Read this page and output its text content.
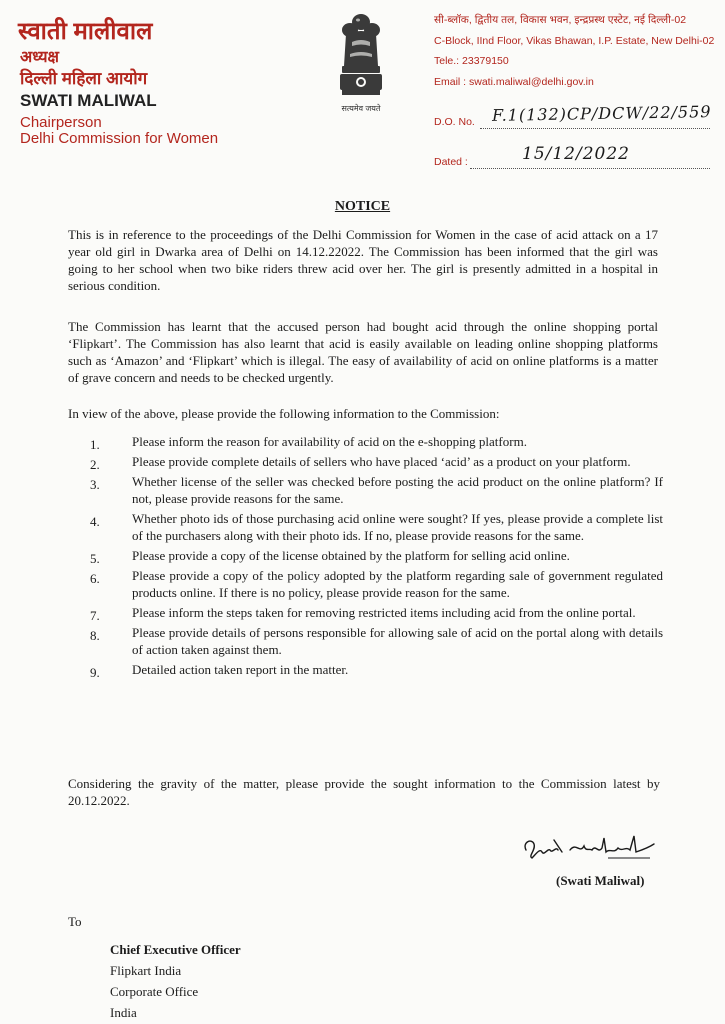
स्वाती मालीवाल
अध्यक्ष
दिल्ली महिला आयोग
SWATI MALIWAL
Chairperson
Delhi Commission for Women
सत्यमेव जयते
सी-ब्लॉक, द्वितीय तल, विकास भवन, इन्द्रप्रस्थ एस्टेट, नई दिल्ली-02
C-Block, IInd Floor, Vikas Bhawan, I.P. Estate, New Delhi-02
Tele.: 23379150
Email : swati.maliwal@delhi.gov.in
D.O. No. F.1(132)CP/DCW/22/559
Dated :	15/12/2022
NOTICE
This is in reference to the proceedings of the Delhi Commission for Women in the case of acid attack on a 17 year old girl in Dwarka area of Delhi on 14.12.22022. The Commission has been informed that the girl was going to her school when two bike riders threw acid over her. The girl is presently admitted in a hospital in serious condition.
The Commission has learnt that the accused person had bought acid through the online shopping portal ‘Flipkart’. The Commission has also learnt that acid is easily available on leading online shopping platforms such as ‘Amazon’ and ‘Flipkart’ which is illegal. The easy of availability of acid on online platforms is a matter of grave concern and needs to be checked urgently.
In view of the above, please provide the following information to the Commission:
1. Please inform the reason for availability of acid on the e-shopping platform.
2. Please provide complete details of sellers who have placed ‘acid’ as a product on your platform.
3. Whether license of the seller was checked before posting the acid product on the online platform? If not, please provide reasons for the same.
4. Whether photo ids of those purchasing acid online were sought? If yes, please provide a complete list of the purchasers along with their photo ids. If no, please provide reasons for the same.
5. Please provide a copy of the license obtained by the platform for selling acid online.
6. Please provide a copy of the policy adopted by the platform regarding sale of government regulated products online. If there is no policy, please provide reason for the same.
7. Please inform the steps taken for removing restricted items including acid from the online portal.
8. Please provide details of persons responsible for allowing sale of acid on the portal along with details of action taken against them.
9. Detailed action taken report in the matter.
Considering the gravity of the matter, please provide the sought information to the Commission latest by 20.12.2022.
(Swati Maliwal)
To
Chief Executive Officer
Flipkart India
Corporate Office
India
